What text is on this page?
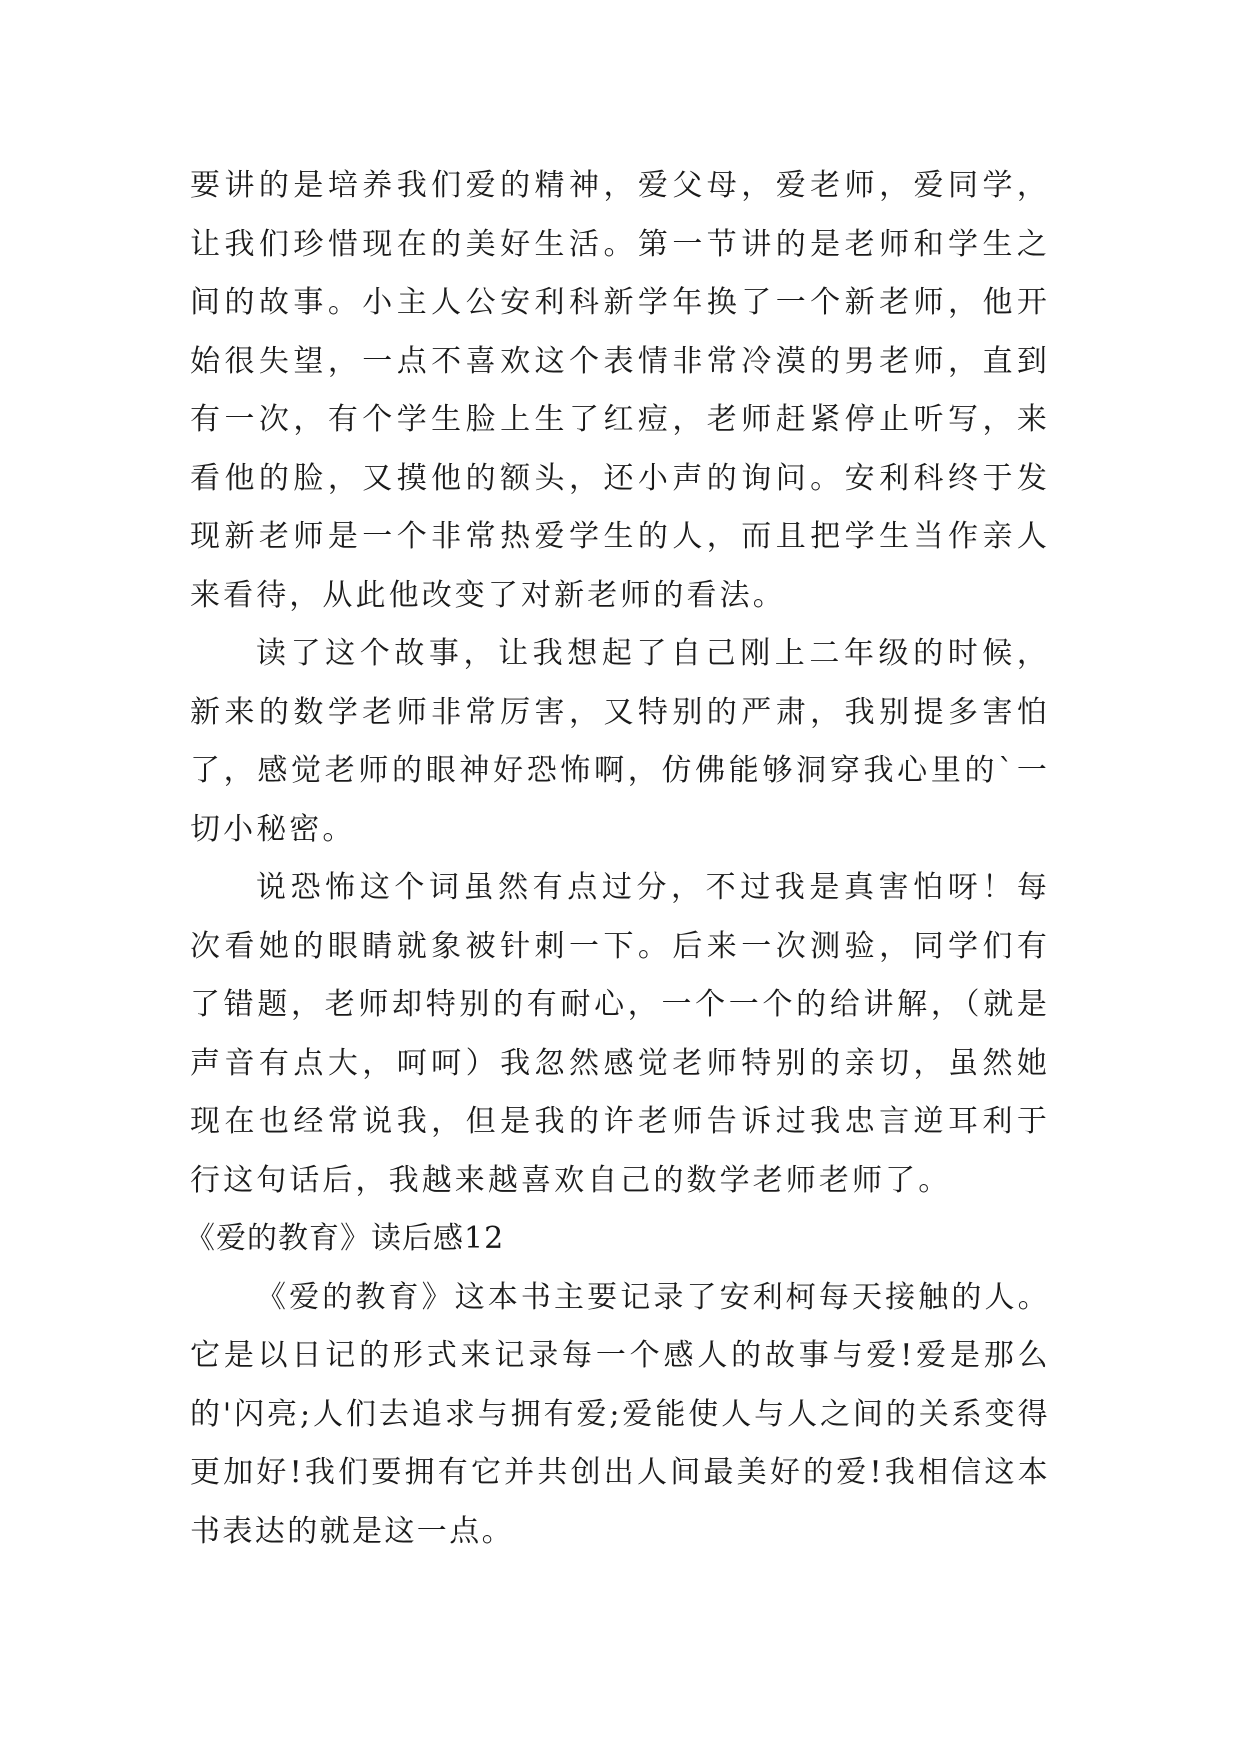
要讲的是培养我们爱的精神，爱父母，爱老师，爱同学，让我们珍惜现在的美好生活。第一节讲的是老师和学生之间的故事。小主人公安利科新学年换了一个新老师，他开始很失望，一点不喜欢这个表情非常冷漠的男老师，直到有一次，有个学生脸上生了红痘，老师赶紧停止听写，来看他的脸，又摸他的额头，还小声的询问。安利科终于发现新老师是一个非常热爱学生的人，而且把学生当作亲人来看待，从此他改变了对新老师的看法。

读了这个故事，让我想起了自己刚上二年级的时候，新来的数学老师非常厉害，又特别的严肃，我别提多害怕了，感觉老师的眼神好恐怖啊，仿佛能够洞穿我心里的`一切小秘密。

说恐怖这个词虽然有点过分，不过我是真害怕呀！每次看她的眼睛就象被针刺一下。后来一次测验，同学们有了错题，老师却特别的有耐心，一个一个的给讲解，（就是声音有点大，呵呵）我忽然感觉老师特别的亲切，虽然她现在也经常说我，但是我的许老师告诉过我忠言逆耳利于行这句话后，我越来越喜欢自己的数学老师老师了。

《爱的教育》读后感12

《爱的教育》这本书主要记录了安利柯每天接触的人。它是以日记的形式来记录每一个感人的故事与爱!爱是那么的'闪亮;人们去追求与拥有爱;爱能使人与人之间的关系变得更加好!我们要拥有它并共创出人间最美好的爱!我相信这本书表达的就是这一点。
